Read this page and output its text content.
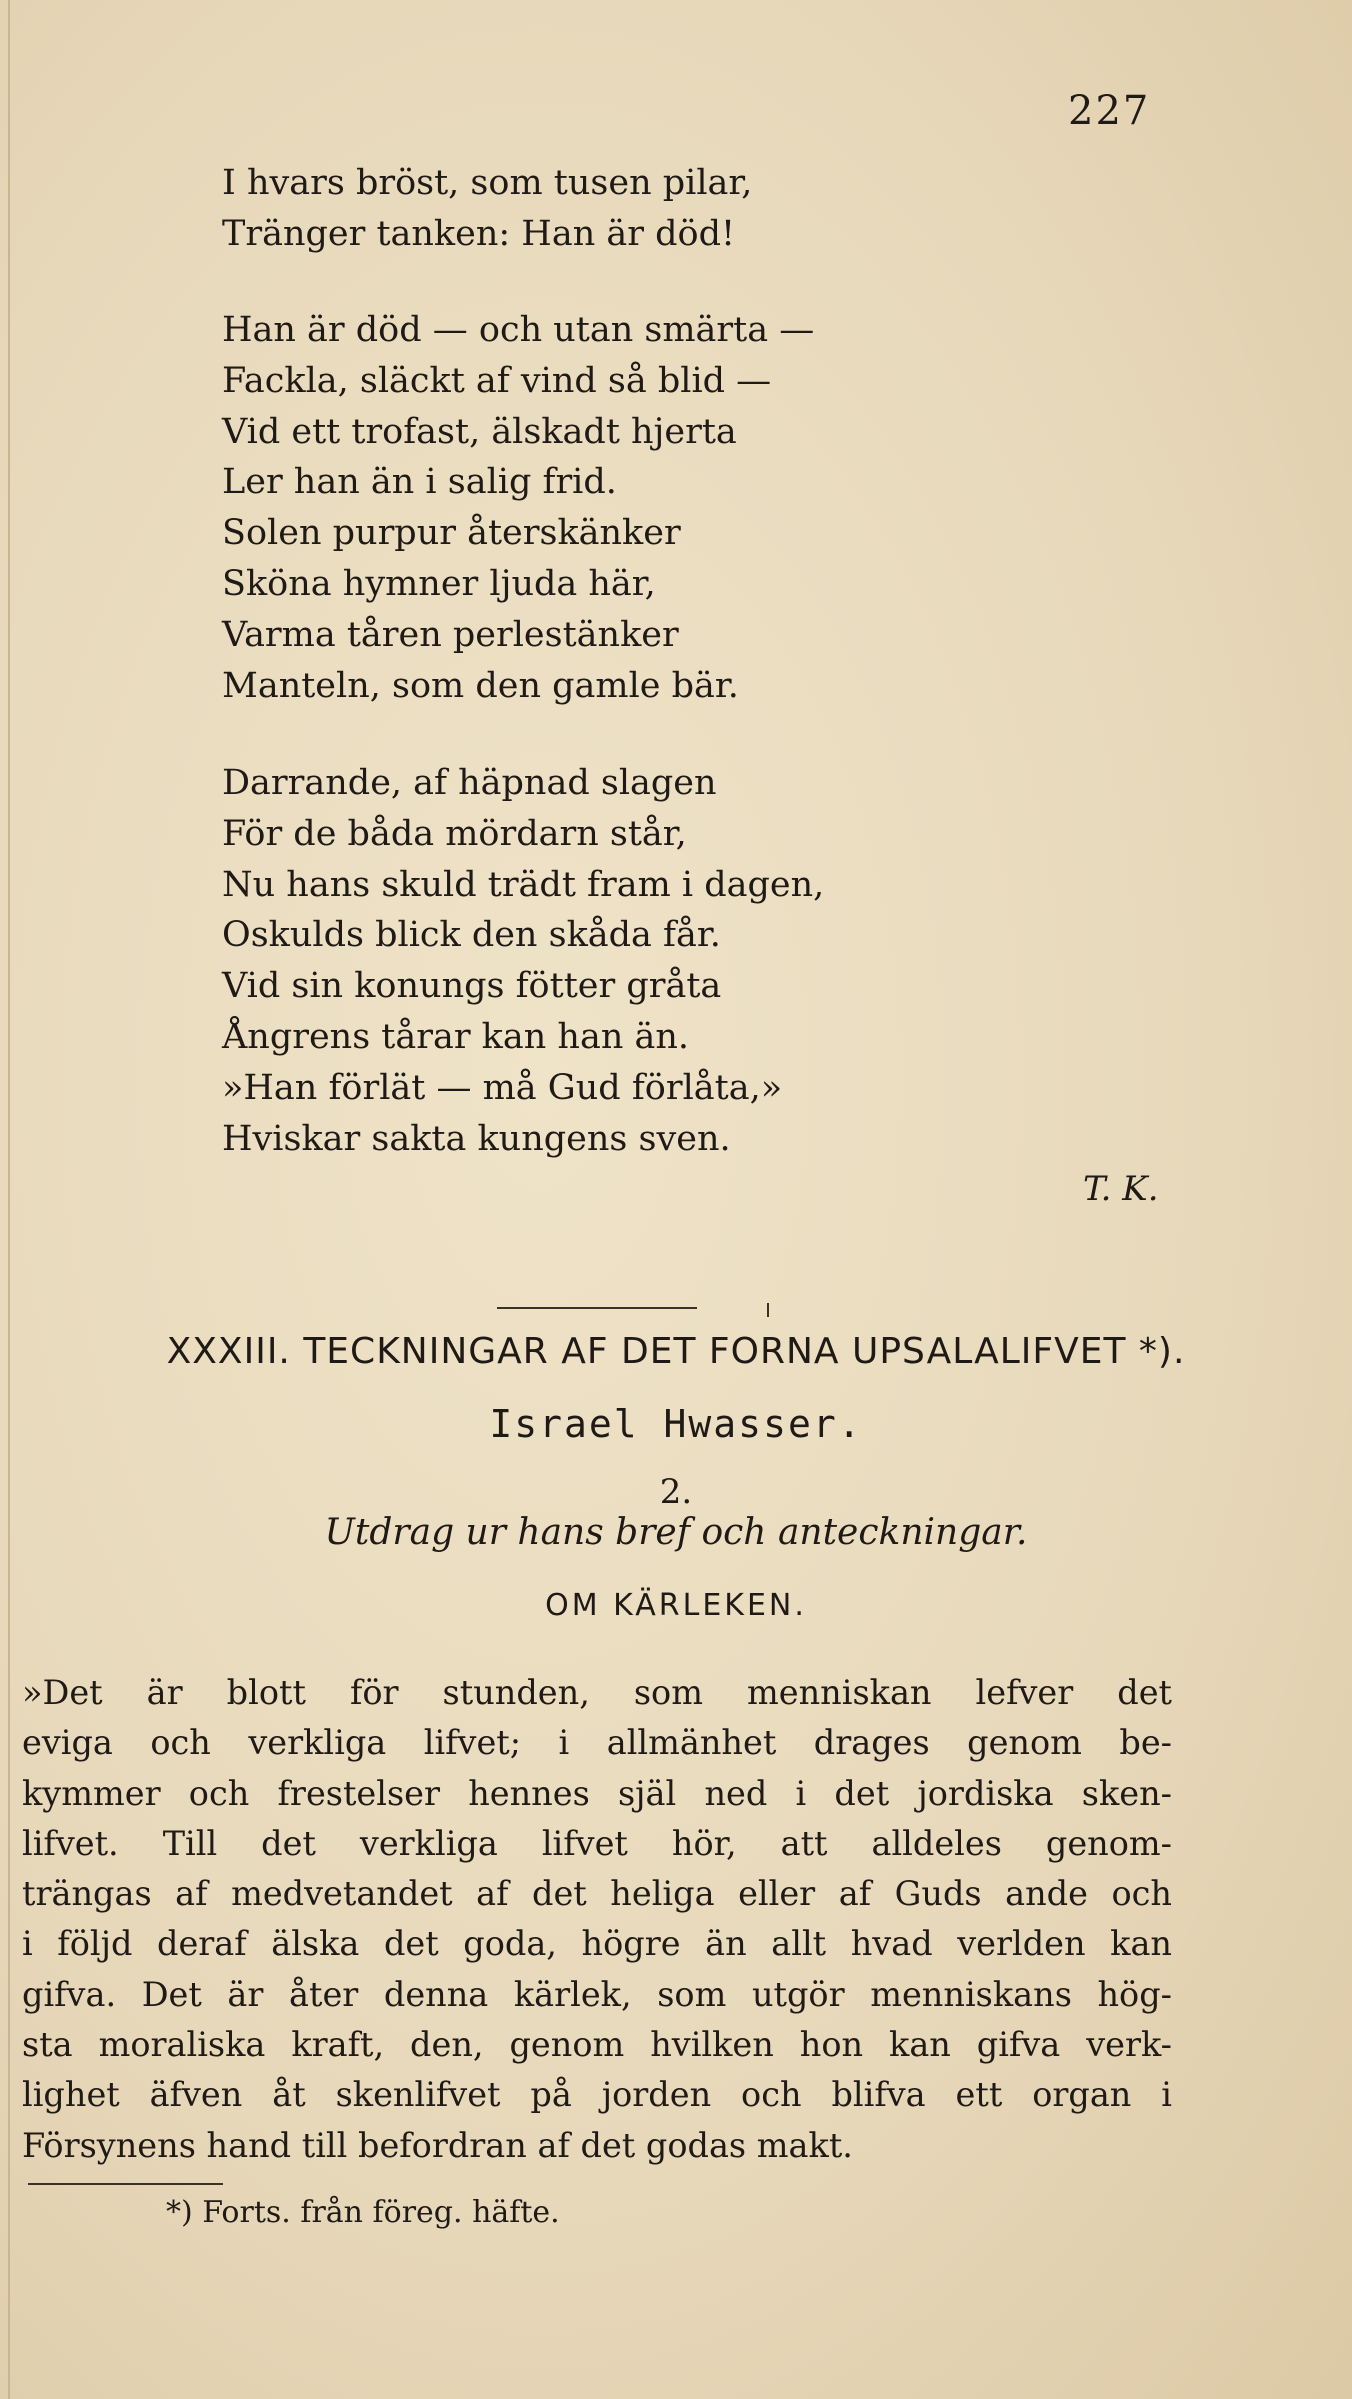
227
I hvars bröst, som tusen pilar,
Tränger tanken: Han är död!
Han är död — och utan smärta —
Fackla, släckt af vind så blid —
Vid ett trofast, älskadt hjerta
Ler han än i salig frid.
Solen purpur återskänker
Sköna hymner ljuda här,
Varma tåren perlestänker
Manteln, som den gamle bär.
Darrande, af häpnad slagen
För de båda mördarn står,
Nu hans skuld trädt fram i dagen,
Oskulds blick den skåda får.
Vid sin konungs fötter gråta
Ångrens tårar kan han än.
»Han förlät — må Gud förlåta,»
Hviskar sakta kungens sven.
T. K.
XXXIII. TECKNINGAR AF DET FORNA UPSALALIFVET *).
Israel Hwasser.
2.
Utdrag ur hans bref och anteckningar.
OM KÄRLEKEN.

»Det är blott för stunden, som menniskan lefver det
eviga och verkliga lifvet; i allmänhet drages genom be-
kymmer och frestelser hennes själ ned i det jordiska sken-
lifvet. Till det verkliga lifvet hör, att alldeles genom-
trängas af medvetandet af det heliga eller af Guds ande och
i följd deraf älska det goda, högre än allt hvad verlden kan
gifva. Det är åter denna kärlek, som utgör menniskans hög-
sta moraliska kraft, den, genom hvilken hon kan gifva verk-
lighet äfven åt skenlifvet på jorden och blifva ett organ i
Försynens hand till befordran af det godas makt.

*) Forts. från föreg. häfte.
